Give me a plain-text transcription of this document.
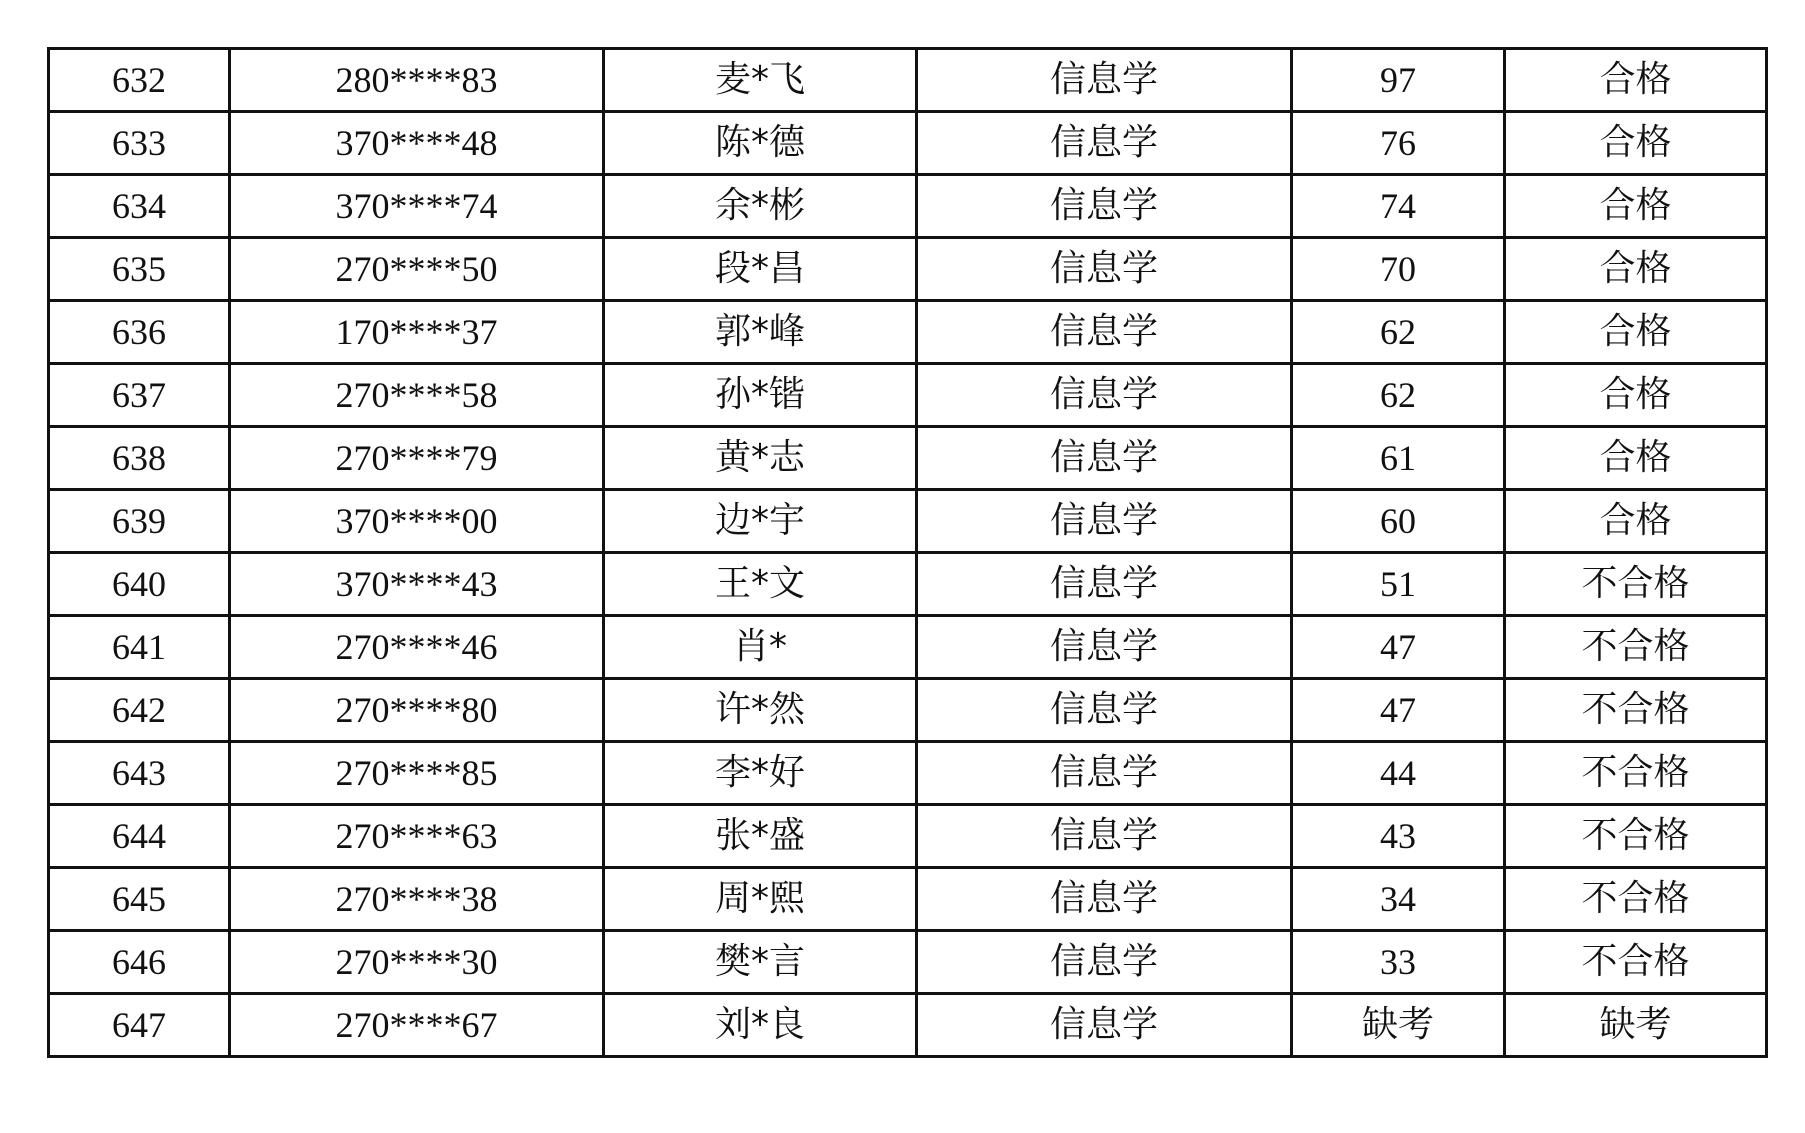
632	280****83	麦*飞	信息学	97	合格
633	370****48	陈*德	信息学	76	合格
634	370****74	余*彬	信息学	74	合格
635	270****50	段*昌	信息学	70	合格
636	170****37	郭*峰	信息学	62	合格
637	270****58	孙*锴	信息学	62	合格
638	270****79	黄*志	信息学	61	合格
639	370****00	边*宇	信息学	60	合格
640	370****43	王*文	信息学	51	不合格
641	270****46	肖*	信息学	47	不合格
642	270****80	许*然	信息学	47	不合格
643	270****85	李*好	信息学	44	不合格
644	270****63	张*盛	信息学	43	不合格
645	270****38	周*熙	信息学	34	不合格
646	270****30	樊*言	信息学	33	不合格
647	270****67	刘*良	信息学	缺考	缺考
